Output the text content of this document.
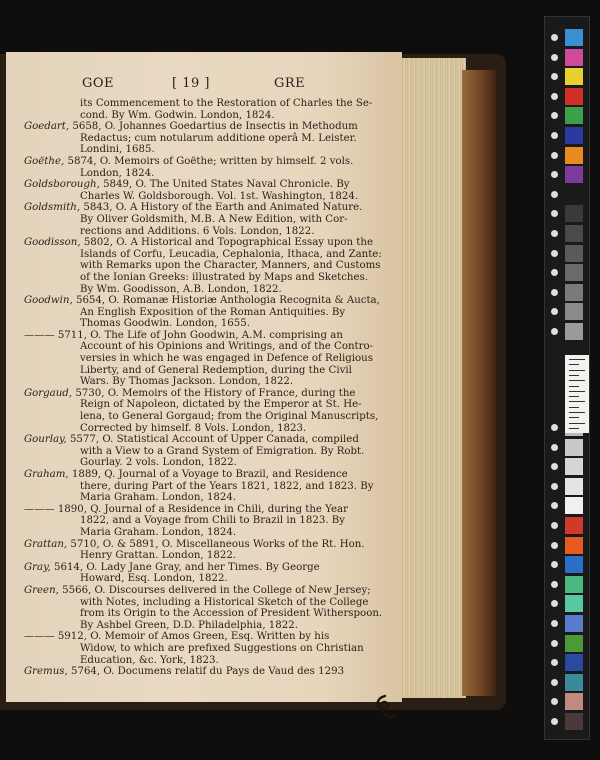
GOE	[ 19 ]	GRE

its Commencement to the Restoration of Charles the Se-

cond. By Wm. Godwin. London, 1824.

Goedart, 5658, O. Johannes Goedartius de Insectis in Methodum

Redactus; cum notularum additione operâ M. Leister.

Londini, 1685.

Goëthe, 5874, O. Memoirs of Goëthe; written by himself. 2 vols.

London, 1824.

Goldsborough, 5849, O. The United States Naval Chronicle. By

Charles W. Goldsborough. Vol. 1st. Washington, 1824.

Goldsmith, 5843, O. A History of the Earth and Animated Nature.

By Oliver Goldsmith, M.B. A New Edition, with Cor-

rections and Additions. 6 Vols. London, 1822.

Goodisson, 5802, O. A Historical and Topographical Essay upon the

Islands of Corfu, Leucadia, Cephalonia, Ithaca, and Zante:

with Remarks upon the Character, Manners, and Customs

of the Ionian Greeks: illustrated by Maps and Sketches.

By Wm. Goodisson, A.B. London, 1822.

Goodwin, 5654, O. Romanæ Historiæ Anthologia Recognita & Aucta,

An English Exposition of the Roman Antiquities. By

Thomas Goodwin. London, 1655.

——— 5711, O. The Life of John Goodwin, A.M. comprising an

Account of his Opinions and Writings, and of the Contro-

versies in which he was engaged in Defence of Religious

Liberty, and of General Redemption, during the Civil

Wars. By Thomas Jackson. London, 1822.

Gorgaud, 5730, O. Memoirs of the History of France, during the

Reign of Napoleon, dictated by the Emperor at St. He-

lena, to General Gorgaud; from the Original Manuscripts,

Corrected by himself. 8 Vols. London, 1823.

Gourlay, 5577, O. Statistical Account of Upper Canada, compiled

with a View to a Grand System of Emigration. By Robt.

Gourlay. 2 vols. London, 1822.

Graham, 1889, Q. Journal of a Voyage to Brazil, and Residence

there, during Part of the Years 1821, 1822, and 1823. By

Maria Graham. London, 1824.

——— 1890, Q. Journal of a Residence in Chili, during the Year

1822, and a Voyage from Chili to Brazil in 1823. By

Maria Graham. London, 1824.

Grattan, 5710, O. & 5891, O. Miscellaneous Works of the Rt. Hon.

Henry Grattan. London, 1822.

Gray, 5614, O. Lady Jane Gray, and her Times. By George

Howard, Esq. London, 1822.

Green, 5566, O. Discourses delivered in the College of New Jersey;

with Notes, including a Historical Sketch of the College

from its Origin to the Accession of President Witherspoon.

By Ashbel Green, D.D. Philadelphia, 1822.

——— 5912, O. Memoir of Amos Green, Esq. Written by his

Widow, to which are prefixed Suggestions on Christian

Education, &c. York, 1823.

Gremus, 5764, O. Documens relatif du Pays de Vaud des 1293
